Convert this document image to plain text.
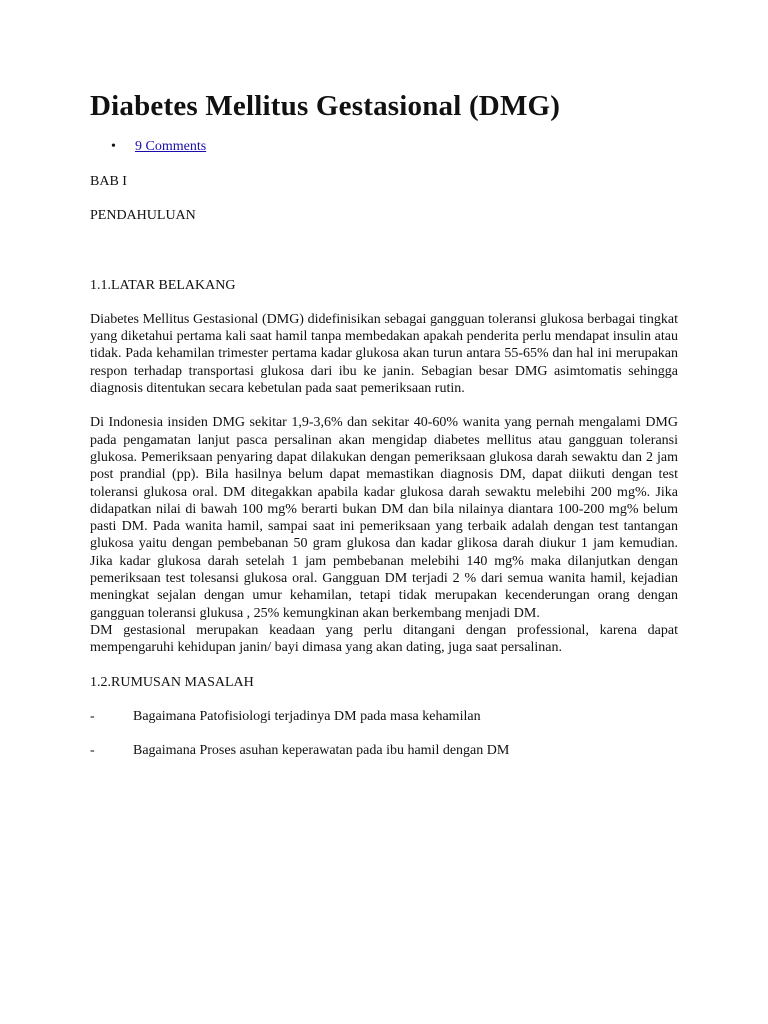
Diabetes Mellitus Gestasional (DMG)
• 9 Comments

BAB I

PENDAHULUAN

1.1.LATAR BELAKANG

Diabetes Mellitus Gestasional (DMG) didefinisikan sebagai gangguan toleransi glukosa berbagai tingkat yang diketahui pertama kali saat hamil tanpa membedakan apakah penderita perlu mendapat insulin atau tidak. Pada kehamilan trimester pertama kadar glukosa akan turun antara 55-65% dan hal ini merupakan respon terhadap transportasi glukosa dari ibu ke janin. Sebagian besar DMG asimtomatis sehingga diagnosis ditentukan secara kebetulan pada saat pemeriksaan rutin.

Di Indonesia insiden DMG sekitar 1,9-3,6% dan sekitar 40-60% wanita yang pernah mengalami DMG pada pengamatan lanjut pasca persalinan akan mengidap diabetes mellitus atau gangguan toleransi glukosa. Pemeriksaan penyaring dapat dilakukan dengan pemeriksaan glukosa darah sewaktu dan 2 jam post prandial (pp). Bila hasilnya belum dapat memastikan diagnosis DM, dapat diikuti dengan test toleransi glukosa oral. DM ditegakkan apabila kadar glukosa darah sewaktu melebihi 200 mg%. Jika didapatkan nilai di bawah 100 mg% berarti bukan DM dan bila nilainya diantara 100-200 mg% belum pasti DM. Pada wanita hamil, sampai saat ini pemeriksaan yang terbaik adalah dengan test tantangan glukosa yaitu dengan pembebanan 50 gram glukosa dan kadar glikosa darah diukur 1 jam kemudian. Jika kadar glukosa darah setelah 1 jam pembebanan melebihi 140 mg% maka dilanjutkan dengan pemeriksaan test tolesansi glukosa oral. Gangguan DM terjadi 2 % dari semua wanita hamil, kejadian meningkat sejalan dengan umur kehamilan, tetapi tidak merupakan kecenderungan orang dengan gangguan toleransi glukusa , 25% kemungkinan akan berkembang menjadi DM.

DM gestasional merupakan keadaan yang perlu ditangani dengan professional, karena dapat mempengaruhi kehidupan janin/ bayi dimasa yang akan dating, juga saat persalinan.

1.2.RUMUSAN MASALAH

-	Bagaimana Patofisiologi terjadinya DM pada masa kehamilan
-	Bagaimana Proses asuhan keperawatan pada ibu hamil dengan DM
